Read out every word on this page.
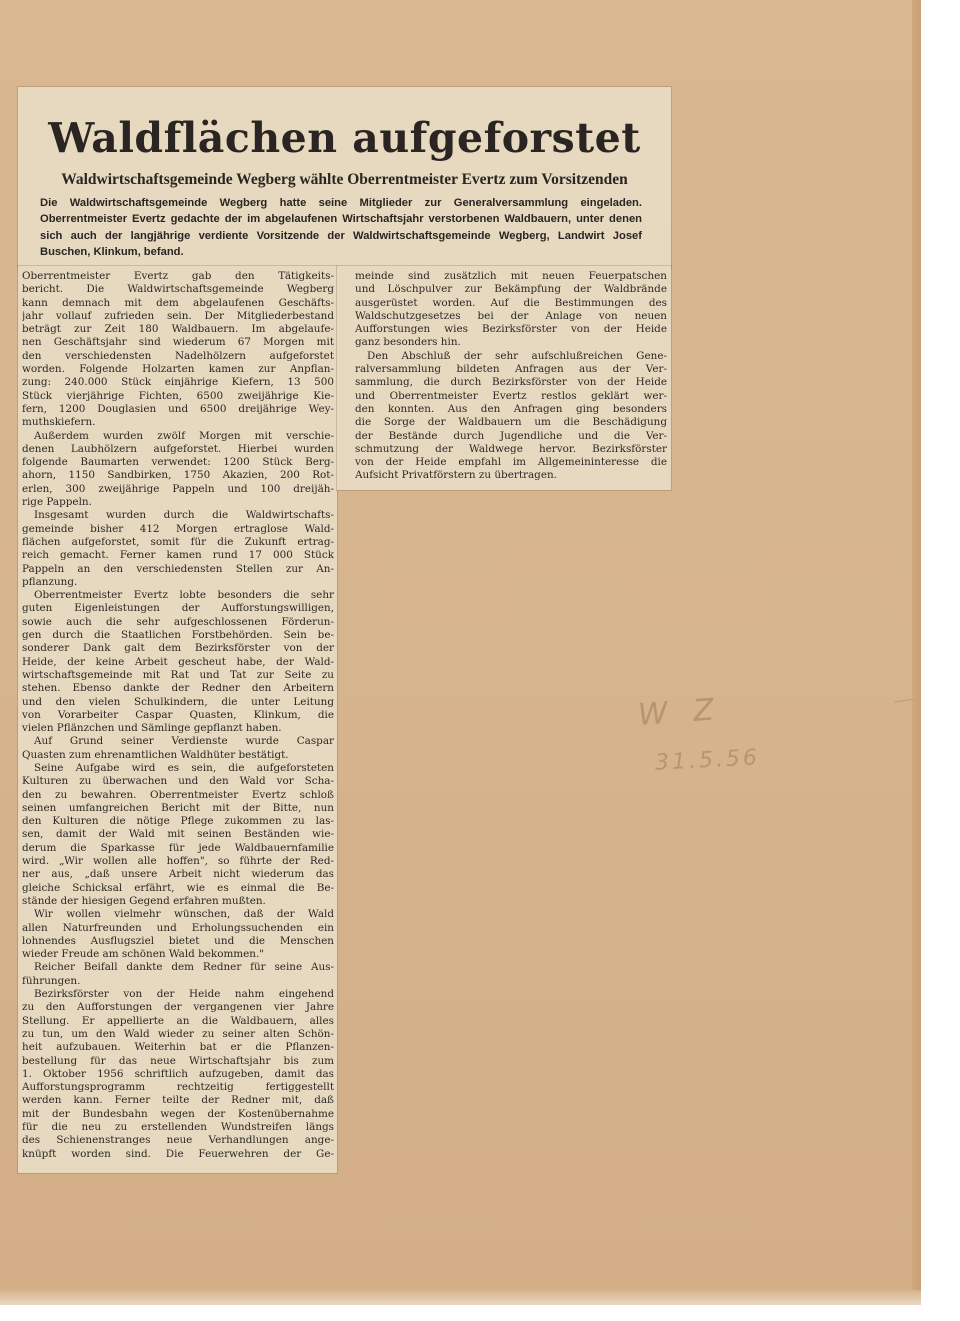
Waldflächen aufgeforstet
Waldwirtschaftsgemeinde Wegberg wählte Oberrentmeister Evertz zum Vorsitzenden

Die Waldwirtschaftsgemeinde Wegberg hatte seine Mitglieder zur Generalversammlung eingeladen. Oberrentmeister Evertz gedachte der im abgelaufenen Wirtschaftsjahr verstorbenen Waldbauern, unter denen sich auch der langjährige verdiente Vorsitzende der Waldwirtschaftsgemeinde Wegberg, Landwirt Josef Buschen, Klinkum, befand.

Oberrentmeister Evertz gab den Tätigkeits-
bericht. Die Waldwirtschaftsgemeinde Wegberg
kann demnach mit dem abgelaufenen Geschäfts-
jahr vollauf zufrieden sein. Der Mitgliederbestand
beträgt zur Zeit 180 Waldbauern. Im abgelaufe-
nen Geschäftsjahr sind wiederum 67 Morgen mit
den verschiedensten Nadelhölzern aufgeforstet
worden. Folgende Holzarten kamen zur Anpflan-
zung: 240.000 Stück einjährige Kiefern, 13 500
Stück vierjährige Fichten, 6500 zweijährige Kie-
fern, 1200 Douglasien und 6500 dreijährige Wey-
muthskiefern.
Außerdem wurden zwölf Morgen mit verschie-
denen Laubhölzern aufgeforstet. Hierbei wurden
folgende Baumarten verwendet: 1200 Stück Berg-
ahorn, 1150 Sandbirken, 1750 Akazien, 200 Rot-
erlen, 300 zweijährige Pappeln und 100 dreijäh-
rige Pappeln.
Insgesamt wurden durch die Waldwirtschafts-
gemeinde bisher 412 Morgen ertraglose Wald-
flächen aufgeforstet, somit für die Zukunft ertrag-
reich gemacht. Ferner kamen rund 17 000 Stück
Pappeln an den verschiedensten Stellen zur An-
pflanzung.
Oberrentmeister Evertz lobte besonders die sehr
guten Eigenleistungen der Aufforstungswilligen,
sowie auch die sehr aufgeschlossenen Förderun-
gen durch die Staatlichen Forstbehörden. Sein be-
sonderer Dank galt dem Bezirksförster von der
Heide, der keine Arbeit gescheut habe, der Wald-
wirtschaftsgemeinde mit Rat und Tat zur Seite zu
stehen. Ebenso dankte der Redner den Arbeitern
und den vielen Schulkindern, die unter Leitung
von Vorarbeiter Caspar Quasten, Klinkum, die
vielen Pflänzchen und Sämlinge gepflanzt haben.
Auf Grund seiner Verdienste wurde Caspar
Quasten zum ehrenamtlichen Waldhüter bestätigt.
Seine Aufgabe wird es sein, die aufgeforsteten
Kulturen zu überwachen und den Wald vor Scha-
den zu bewahren. Oberrentmeister Evertz schloß
seinen umfangreichen Bericht mit der Bitte, nun
den Kulturen die nötige Pflege zukommen zu las-
sen, damit der Wald mit seinen Beständen wie-
derum die Sparkasse für jede Waldbauernfamilie
wird. „Wir wollen alle hoffen", so führte der Red-
ner aus, „daß unsere Arbeit nicht wiederum das
gleiche Schicksal erfährt, wie es einmal die Be-
stände der hiesigen Gegend erfahren mußten.
Wir wollen vielmehr wünschen, daß der Wald
allen Naturfreunden und Erholungssuchenden ein
lohnendes Ausflugsziel bietet und die Menschen
wieder Freude am schönen Wald bekommen."
Reicher Beifall dankte dem Redner für seine Aus-
führungen.
Bezirksförster von der Heide nahm eingehend
zu den Aufforstungen der vergangenen vier Jahre
Stellung. Er appellierte an die Waldbauern, alles
zu tun, um den Wald wieder zu seiner alten Schön-
heit aufzubauen. Weiterhin bat er die Pflanzen-
bestellung für das neue Wirtschaftsjahr bis zum
1. Oktober 1956 schriftlich aufzugeben, damit das
Aufforstungsprogramm rechtzeitig fertiggestellt
werden kann. Ferner teilte der Redner mit, daß
mit der Bundesbahn wegen der Kostenübernahme
für die neu zu erstellenden Wundstreifen längs
des Schienenstranges neue Verhandlungen ange-
knüpft worden sind. Die Feuerwehren der Ge-
meinde sind zusätzlich mit neuen Feuerpatschen
und Löschpulver zur Bekämpfung der Waldbrände
ausgerüstet worden. Auf die Bestimmungen des
Waldschutzgesetzes bei der Anlage von neuen
Aufforstungen wies Bezirksförster von der Heide
ganz besonders hin.
Den Abschluß der sehr aufschlußreichen Gene-
ralversammlung bildeten Anfragen aus der Ver-
sammlung, die durch Bezirksförster von der Heide
und Oberrentmeister Evertz restlos geklärt wer-
den konnten. Aus den Anfragen ging besonders
die Sorge der Waldbauern um die Beschädigung
der Bestände durch Jugendliche und die Ver-
schmutzung der Waldwege hervor. Bezirksförster
von der Heide empfahl im Allgemeininteresse die
Aufsicht Privatförstern zu übertragen.
W Z
31.5.56
